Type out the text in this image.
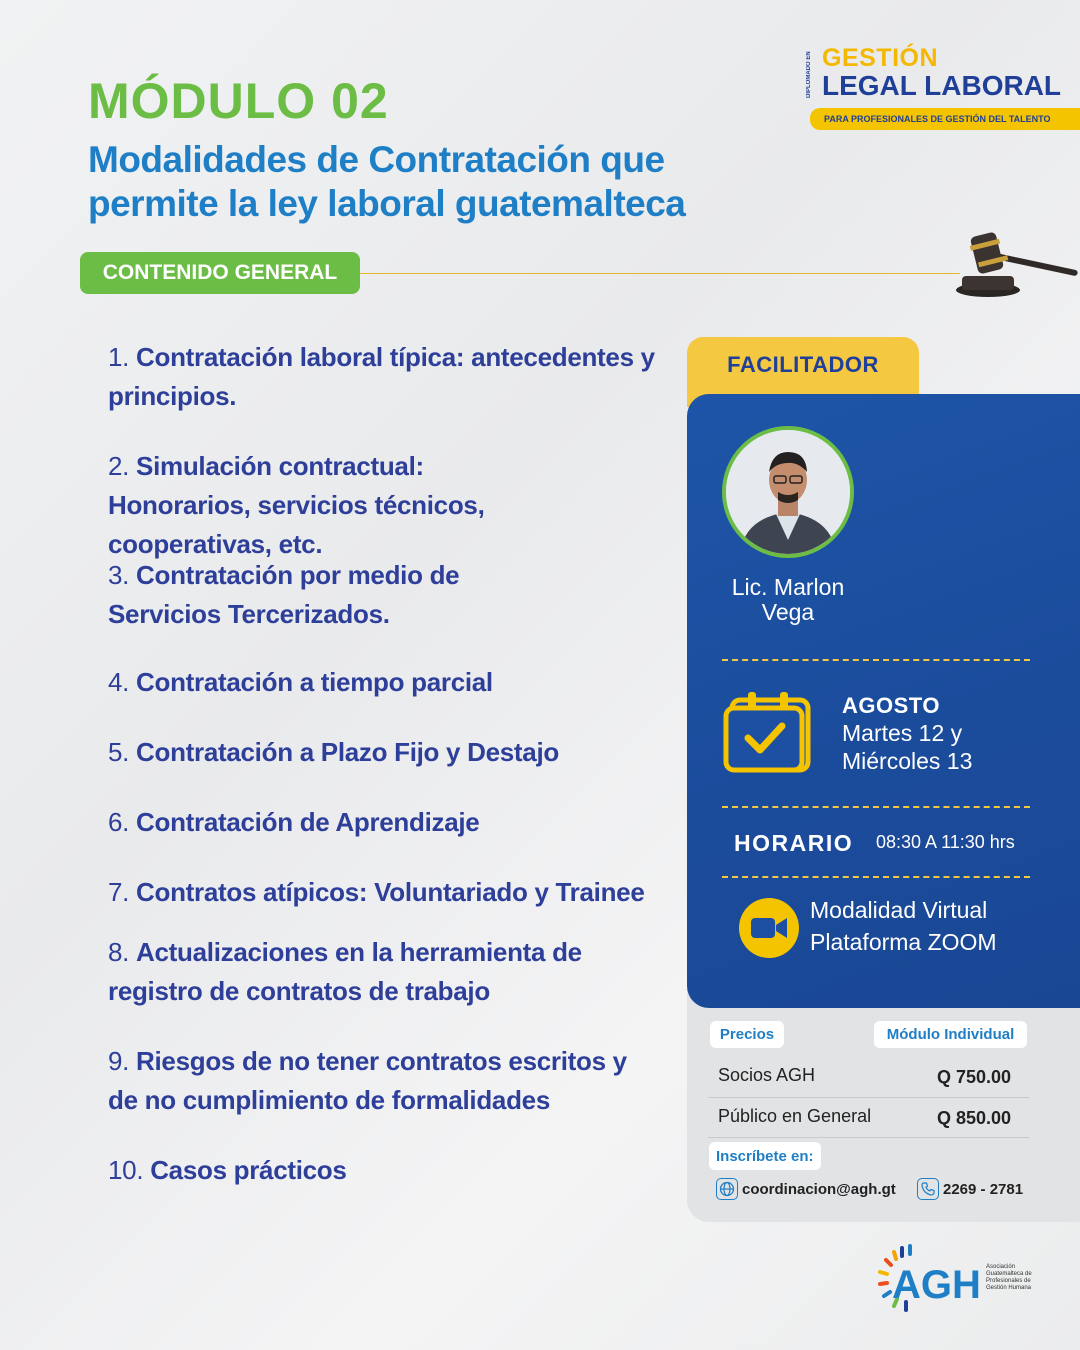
MÓDULO 02
Modalidades de Contratación que
permite la ley laboral guatemalteca
CONTENIDO GENERAL
DIPLOMADO EN GESTIÓN
LEGAL LABORAL
PARA PROFESIONALES DE GESTIÓN DEL TALENTO
1. Contratación laboral típica: antecedentes y principios.
2. Simulación contractual: Honorarios, servicios técnicos, cooperativas, etc.
3. Contratación por medio de Servicios Tercerizados.
4. Contratación a tiempo parcial
5. Contratación a Plazo Fijo y Destajo
6. Contratación de Aprendizaje
7. Contratos atípicos: Voluntariado y Trainee
8. Actualizaciones en la herramienta de registro de contratos de trabajo
9. Riesgos de no tener contratos escritos y de no cumplimiento de formalidades
10. Casos prácticos
FACILITADOR
Lic. Marlon
Vega
AGOSTO
Martes 12 y
Miércoles 13
HORARIO 08:30 A 11:30 hrs
Modalidad Virtual
Plataforma ZOOM
Precios	Módulo Individual
Socios AGH	Q 750.00
Público en General	Q 850.00
Inscríbete en:
coordinacion@agh.gt	2269 - 2781
AGH Asociación
Guatemalteca de
Profesionales de
Gestión Humana
